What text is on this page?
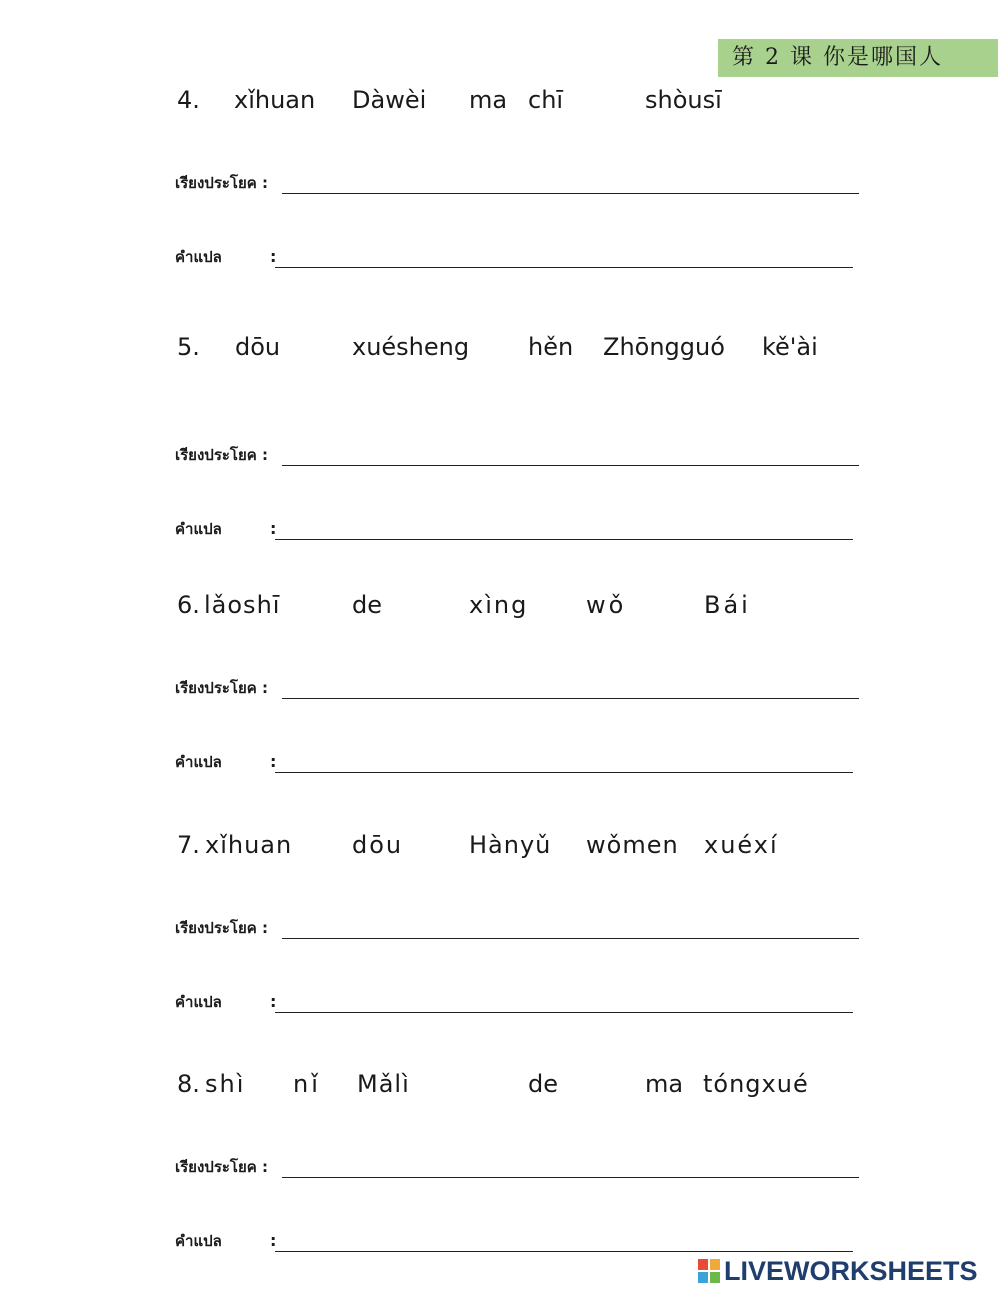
第 2 课 你是哪国人
4. xǐhuan Dàwèi ma chī	shòusī
เรียงประโยค :
คำแปล	:
5. dōu	xuésheng hěn Zhōngguó kě'ài
เรียงประโยค :
คำแปล	:
6. lǎoshī	de	xìng wǒ	Bái
เรียงประโยค :
คำแปล	:
7. xǐhuan dōu	Hànyǔ wǒmen xuéxí
เรียงประโยค :
คำแปล	:
8. shì nǐ Mǎlì	de	ma tóngxué
เรียงประโยค :
คำแปล	:
LIVEWORKSHEETS
